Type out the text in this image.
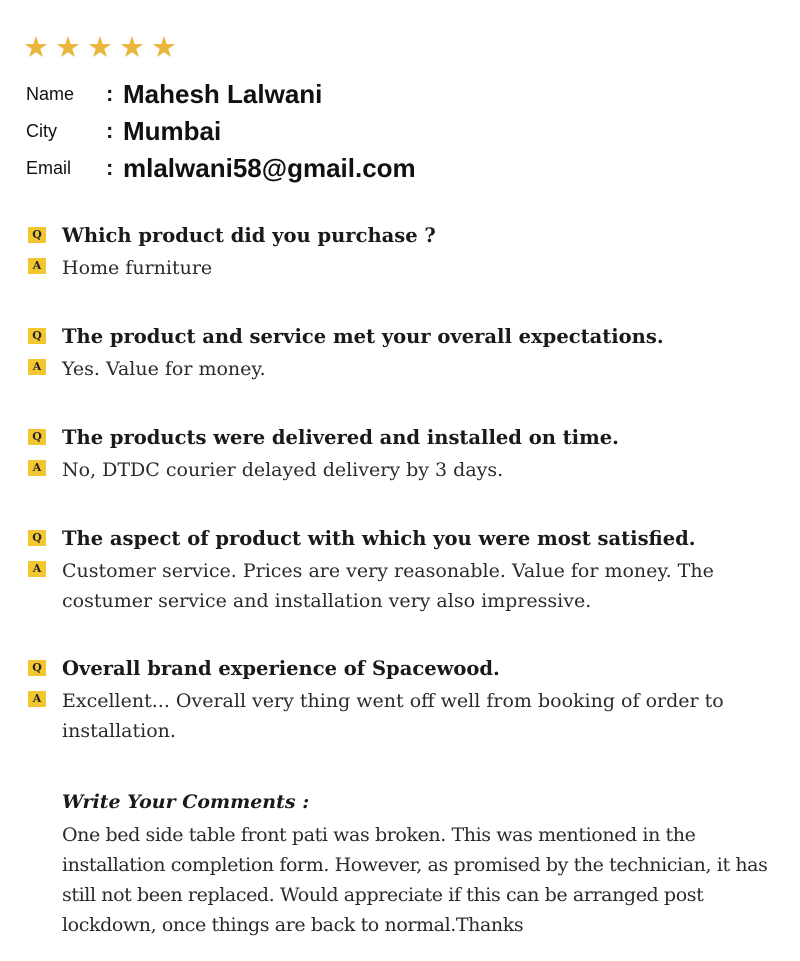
★ ★ ★ ★ ★
Name	: Mahesh Lalwani
City	: Mumbai
Email	: mlalwani58@gmail.com
Q Which product did you purchase ?
A Home furniture
Q The product and service met your overall expectations.
A Yes. Value for money.
Q The products were delivered and installed on time.
A No, DTDC courier delayed delivery by 3 days.
Q The aspect of product with which you were most satisfied.
A Customer service. Prices are very reasonable. Value for money. The costumer service and installation very also impressive.
Q Overall brand experience of Spacewood.
A Excellent... Overall very thing went off well from booking of order to installation.
Write Your Comments :
One bed side table front pati was broken. This was mentioned in the installation completion form. However, as promised by the technician, it has still not been replaced. Would appreciate if this can be arranged post lockdown, once things are back to normal.Thanks
